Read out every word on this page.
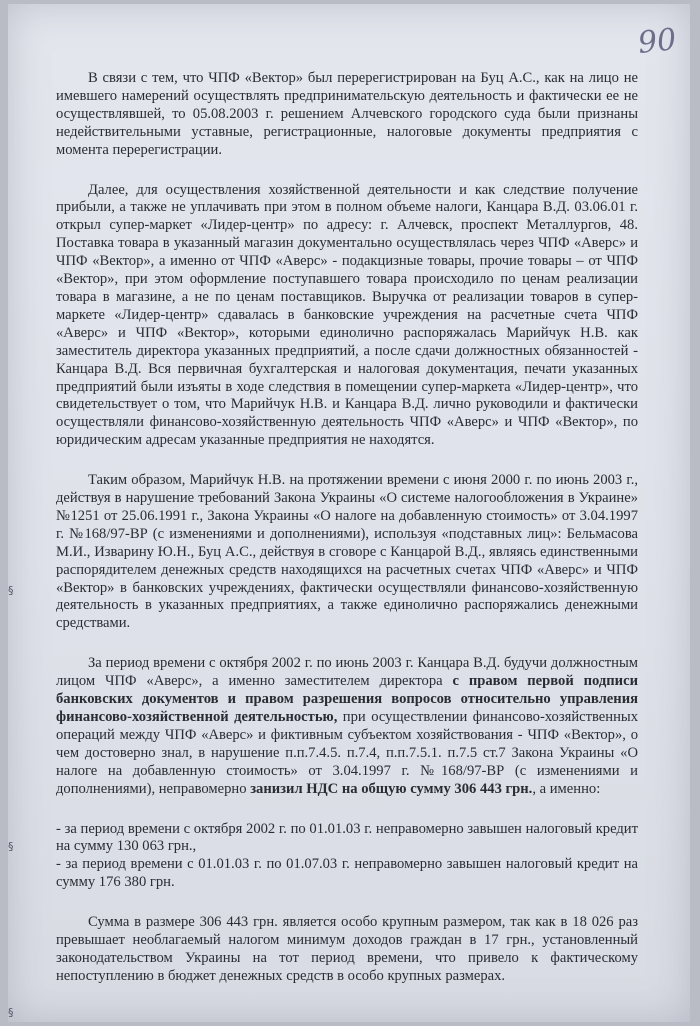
90
§
§
§

В связи с тем, что ЧПФ «Вектор» был перерегистрирован на Буц А.С., как на лицо не имевшего намерений осуществлять предпринимательскую деятельность и фактически ее не осуществлявшей, то 05.08.2003 г. решением Алчевского городского суда были признаны недействительными уставные, регистрационные, налоговые документы предприятия с момента перерегистрации.

Далее, для осуществления хозяйственной деятельности и как следствие получение прибыли, а также не уплачивать при этом в полном объеме налоги, Канцара В.Д. 03.06.01 г. открыл супер-маркет «Лидер-центр» по адресу: г. Алчевск, проспект Металлургов, 48. Поставка товара в указанный магазин документально осуществлялась через ЧПФ «Аверс» и ЧПФ «Вектор», а именно от ЧПФ «Аверс» - подакцизные товары, прочие товары – от ЧПФ «Вектор», при этом оформление поступавшего товара происходило по ценам реализации товара в магазине, а не по ценам поставщиков. Выручка от реализации товаров в супер-маркете «Лидер-центр» сдавалась в банковские учреждения на расчетные счета ЧПФ «Аверс» и ЧПФ «Вектор», которыми единолично распоряжалась Марийчук Н.В. как заместитель директора указанных предприятий, а после сдачи должностных обязанностей - Канцара В.Д. Вся первичная бухгалтерская и налоговая документация, печати указанных предприятий были изъяты в ходе следствия в помещении супер-маркета «Лидер-центр», что свидетельствует о том, что Марийчук Н.В. и Канцара В.Д. лично руководили и фактически осуществляли финансово-хозяйственную деятельность ЧПФ «Аверс» и ЧПФ «Вектор», по юридическим адресам указанные предприятия не находятся.

Таким образом, Марийчук Н.В. на протяжении времени с июня 2000 г. по июнь 2003 г., действуя в нарушение требований Закона Украины «О системе налогообложения в Украине» №1251 от 25.06.1991 г., Закона Украины «О налоге на добавленную стоимость» от 3.04.1997 г. №168/97-ВР (с изменениями и дополнениями), используя «подставных лиц»: Бельмасова М.И., Изварину Ю.Н., Буц А.С., действуя в сговоре с Канцарой В.Д., являясь единственными распорядителем денежных средств находящихся на расчетных счетах ЧПФ «Аверс» и ЧПФ «Вектор» в банковских учреждениях, фактически осуществляли финансово-хозяйственную деятельность в указанных предприятиях, а также единолично распоряжались денежными средствами.

За период времени с октября 2002 г. по июнь 2003 г. Канцара В.Д. будучи должностным лицом ЧПФ «Аверс», а именно заместителем директора с правом первой подписи банковских документов и правом разрешения вопросов относительно управления финансово-хозяйственной деятельностью, при осуществлении финансово-хозяйственных операций между ЧПФ «Аверс» и фиктивным субъектом хозяйствования - ЧПФ «Вектор», о чем достоверно знал, в нарушение п.п.7.4.5. п.7.4, п.п.7.5.1. п.7.5 ст.7 Закона Украины «О налоге на добавленную стоимость» от 3.04.1997 г. №168/97-ВР (с изменениями и дополнениями), неправомерно занизил НДС на общую сумму 306 443 грн., а именно:

- за период времени с октября 2002 г. по 01.01.03 г. неправомерно завышен налоговый кредит на сумму 130 063 грн.,

- за период времени с 01.01.03 г. по 01.07.03 г. неправомерно завышен налоговый кредит на сумму 176 380 грн.

Сумма в размере 306 443 грн. является особо крупным размером, так как в 18 026 раз превышает необлагаемый налогом минимум доходов граждан в 17 грн., установленный законодательством Украины на тот период времени, что привело к фактическому непоступлению в бюджет денежных средств в особо крупных размерах.
